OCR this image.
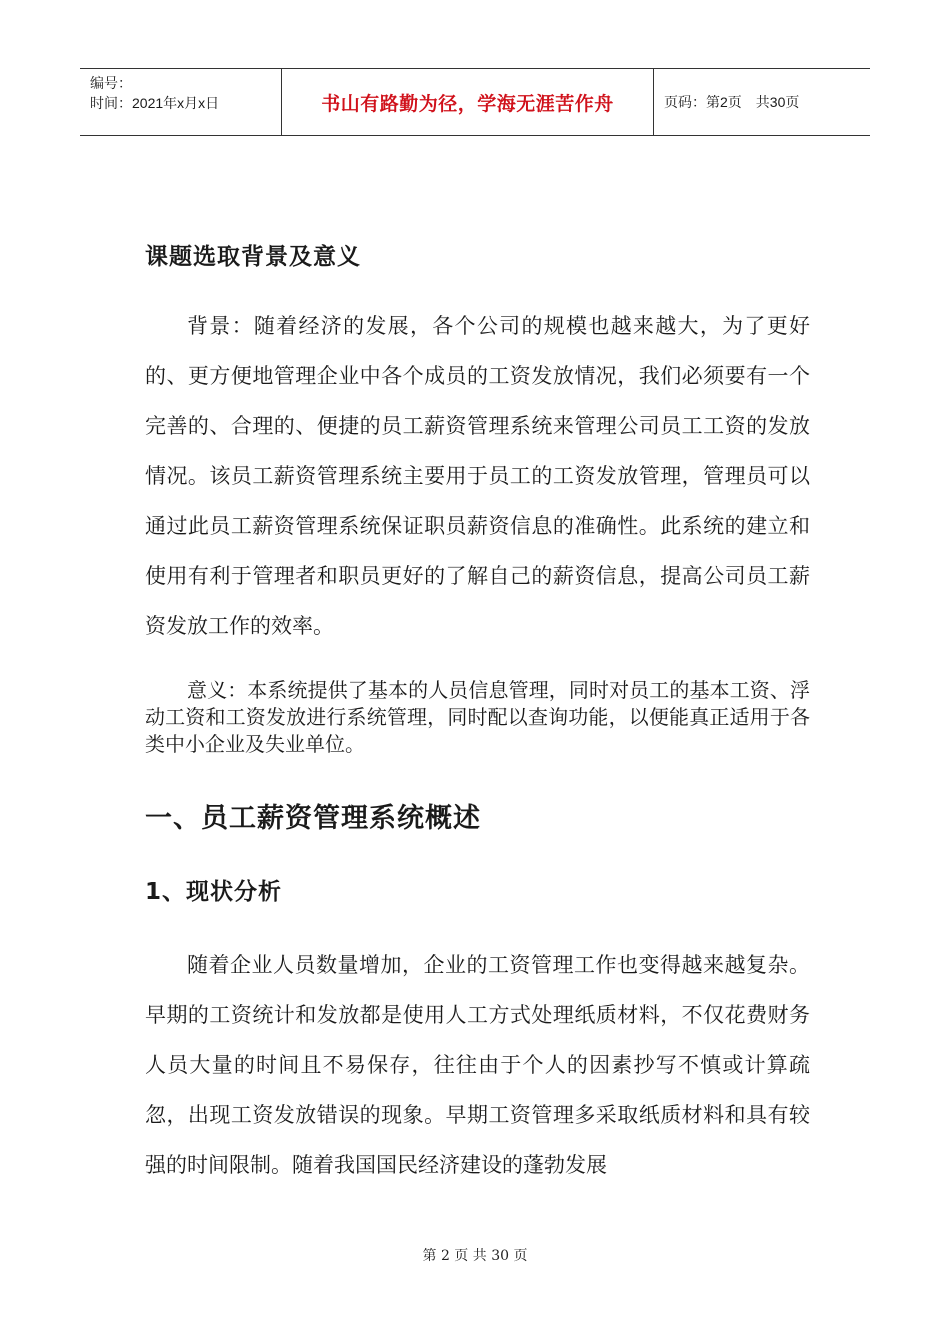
编号：
时间：2021年x月x日	书山有路勤为径，学海无涯苦作舟	页码：第2页 共30页
课题选取背景及意义

背景：随着经济的发展，各个公司的规模也越来越大，为了更好的、更方便地管理企业中各个成员的工资发放情况，我们必须要有一个完善的、合理的、便捷的员工薪资管理系统来管理公司员工工资的发放情况。该员工薪资管理系统主要用于员工的工资发放管理，管理员可以通过此员工薪资管理系统保证职员薪资信息的准确性。此系统的建立和使用有利于管理者和职员更好的了解自己的薪资信息，提高公司员工薪资发放工作的效率。

意义：本系统提供了基本的人员信息管理，同时对员工的基本工资、浮动工资和工资发放进行系统管理，同时配以查询功能，以便能真正适用于各类中小企业及失业单位。

一、员工薪资管理系统概述
1、现状分析

随着企业人员数量增加，企业的工资管理工作也变得越来越复杂。早期的工资统计和发放都是使用人工方式处理纸质材料，不仅花费财务人员大量的时间且不易保存，往往由于个人的因素抄写不慎或计算疏忽，出现工资发放错误的现象。早期工资管理多采取纸质材料和具有较强的时间限制。随着我国国民经济建设的蓬勃发展

第 2 页 共 30 页
